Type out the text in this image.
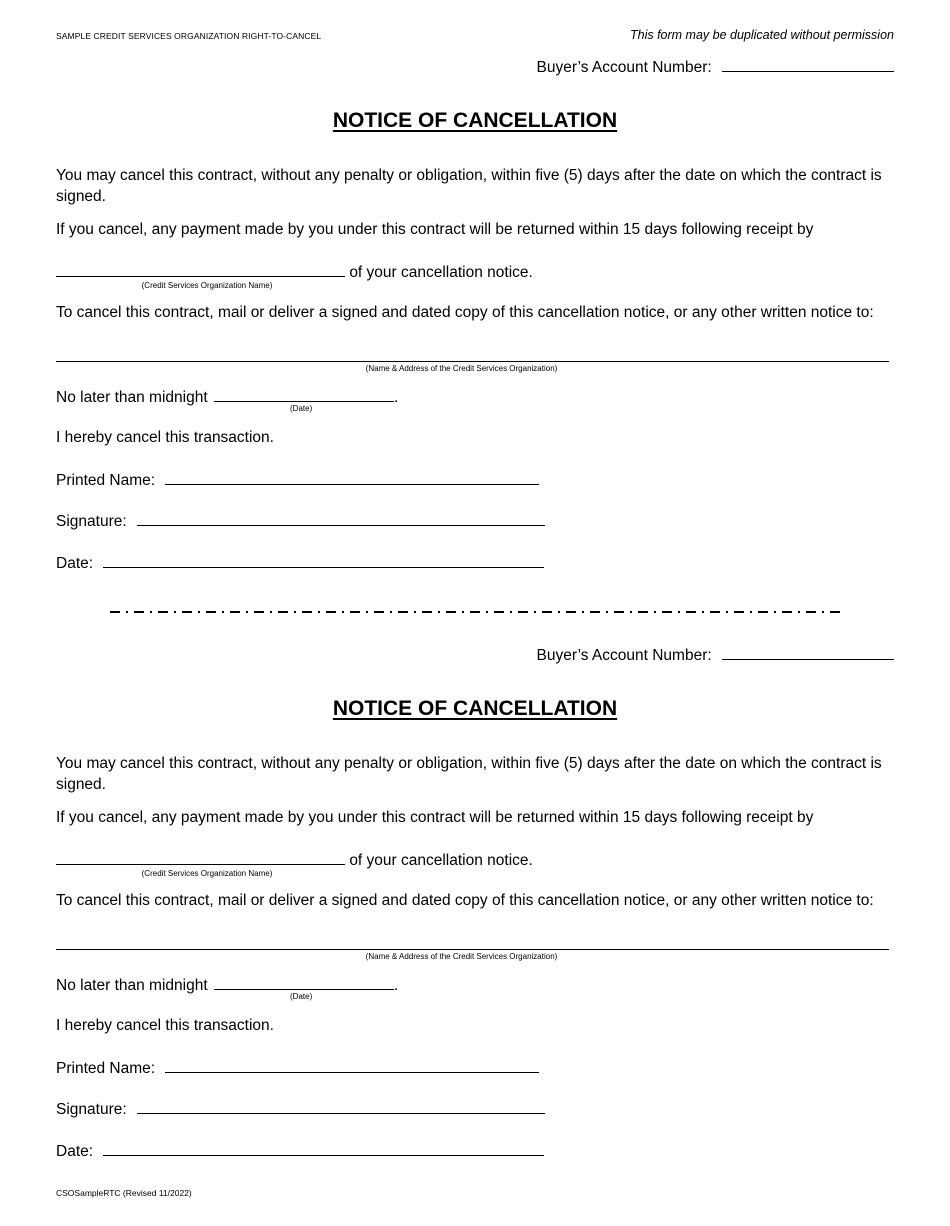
SAMPLE CREDIT SERVICES ORGANIZATION RIGHT-TO-CANCEL	This form may be duplicated without permission
Buyer’s Account Number:
NOTICE OF CANCELLATION
You may cancel this contract, without any penalty or obligation, within five (5) days after the date on which the contract is signed.
If you cancel, any payment made by you under this contract will be returned within 15 days following receipt by
of your cancellation notice.
(Credit Services Organization Name)
To cancel this contract, mail or deliver a signed and dated copy of this cancellation notice, or any other written notice to:
(Name & Address of the Credit Services Organization)
No later than midnight	.
(Date)
I hereby cancel this transaction.
Printed Name:
Signature:
Date:
Buyer’s Account Number:
NOTICE OF CANCELLATION
You may cancel this contract, without any penalty or obligation, within five (5) days after the date on which the contract is signed.
If you cancel, any payment made by you under this contract will be returned within 15 days following receipt by
of your cancellation notice.
(Credit Services Organization Name)
To cancel this contract, mail or deliver a signed and dated copy of this cancellation notice, or any other written notice to:
(Name & Address of the Credit Services Organization)
No later than midnight	.
(Date)
I hereby cancel this transaction.
Printed Name:
Signature:
Date:
CSOSampleRTC (Revised 11/2022)
